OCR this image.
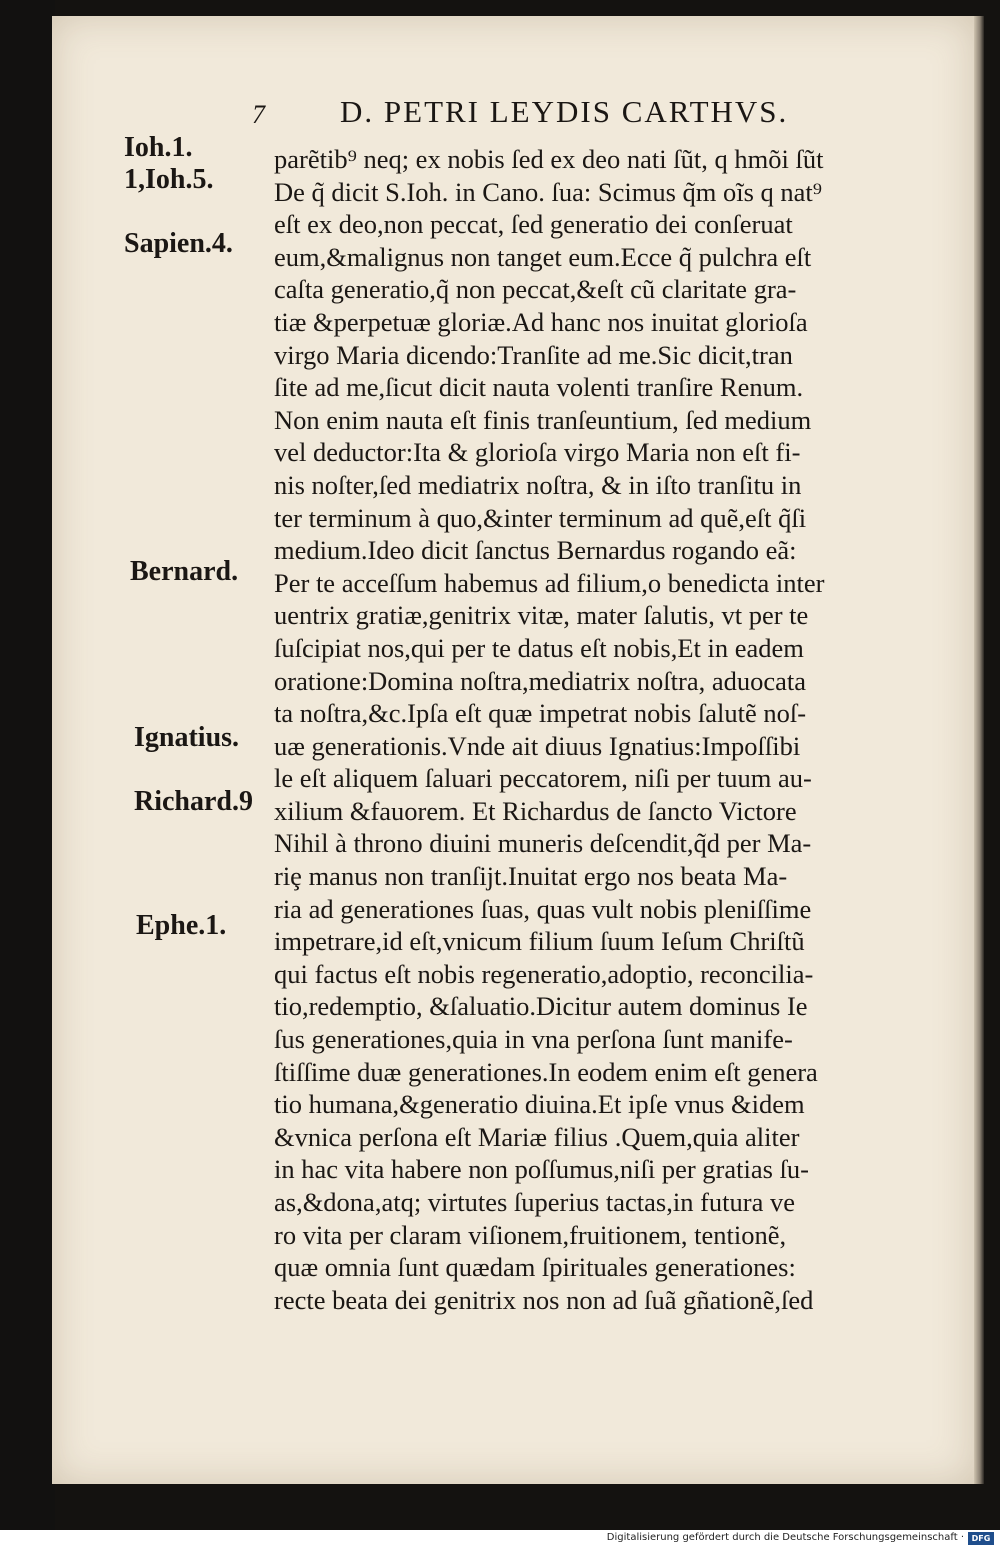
7 D. PETRI LEYDIS CARTHVS.
Ioh.1.
1,Ioh.5.
Sapien.4.
Bernard.
Ignatius.
Richard.9
Ephe.1.
parẽtib⁹ neq; ex nobis ſed ex deo nati ſũt, q hmõi ſũt
De q̃ dicit S.Ioh. in Cano. ſua: Scimus q̃m oĩs q nat⁹
eſt ex deo,non peccat, ſed generatio dei conſeruat
eum,&malignus non tanget eum.Ecce q̃ pulchra eſt
caſta generatio,q̃ non peccat,&eſt cũ claritate gra-
tiæ &perpetuæ gloriæ.Ad hanc nos inuitat glorioſa
virgo Maria dicendo:Tranſite ad me.Sic dicit,tran
ſite ad me,ſicut dicit nauta volenti tranſire Renum.
Non enim nauta eſt finis tranſeuntium, ſed medium
vel deductor:Ita & glorioſa virgo Maria non eſt fi-
nis noſter,ſed mediatrix noſtra, & in iſto tranſitu in
ter terminum à quo,&inter terminum ad quẽ,eſt q̃ſi
medium.Ideo dicit ſanctus Bernardus rogando eã:
Per te acceſſum habemus ad filium,o benedicta inter
uentrix gratiæ,genitrix vitæ, mater ſalutis, vt per te
ſuſcipiat nos,qui per te datus eſt nobis,Et in eadem
oratione:Domina noſtra,mediatrix noſtra, aduocata
ta noſtra,&c.Ipſa eſt quæ impetrat nobis ſalutẽ noſ-
uæ generationis.Vnde ait diuus Ignatius:Impoſſibi
le eſt aliquem ſaluari peccatorem, niſi per tuum au-
xilium &fauorem. Et Richardus de ſancto Victore
Nihil à throno diuini muneris deſcendit,q̃d per Ma-
riȩ manus non tranſijt.Inuitat ergo nos beata Ma-
ria ad generationes ſuas, quas vult nobis pleniſſime
impetrare,id eſt,vnicum filium ſuum Ieſum Chriſtũ
qui factus eſt nobis regeneratio,adoptio, reconcilia-
tio,redemptio, &ſaluatio.Dicitur autem dominus Ie
ſus generationes,quia in vna perſona ſunt manife-
ſtiſſime duæ generationes.In eodem enim eſt genera
tio humana,&generatio diuina.Et ipſe vnus &idem
&vnica perſona eſt Mariæ filius .Quem,quia aliter
in hac vita habere non poſſumus,niſi per gratias ſu-
as,&dona,atq; virtutes ſuperius tactas,in futura ve
ro vita per claram viſionem,fruitionem, tentionẽ,
quæ omnia ſunt quædam ſpirituales generationes:
recte beata dei genitrix nos non ad ſuã gñationẽ,ſed
Digitalisierung gefördert durch die Deutsche Forschungsgemeinschaft · DFG
